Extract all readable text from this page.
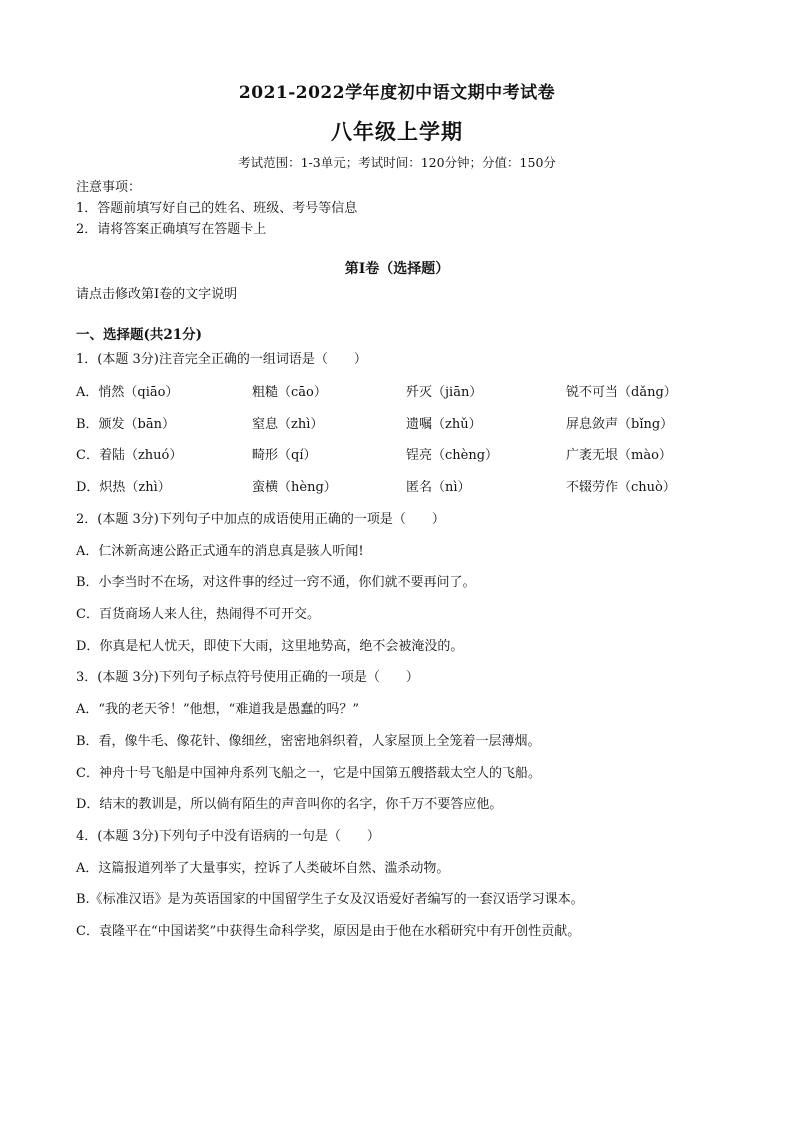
2021-2022学年度初中语文期中考试卷
八年级上学期
考试范围：1-3单元；考试时间：120分钟；分值：150分
注意事项：
1．答题前填写好自己的姓名、班级、考号等信息
2．请将答案正确填写在答题卡上
第I卷（选择题）
请点击修改第I卷的文字说明
一、选择题(共21分)
1．(本题 3分)注音完全正确的一组词语是（　　）
A．悄然（qiāo）	粗糙（cāo）	歼灭（jiān）	锐不可当（dǎng）
B．颁发（bān）	窒息（zhì）	遗嘱（zhǔ）	屏息敛声（bǐng）
C．着陆（zhuó）	畸形（qí）	锃亮（chèng）	广袤无垠（mào）
D．炽热（zhì）	蛮横（hèng）	匿名（nì）	不辍劳作（chuò）
2．(本题 3分)下列句子中加点的成语使用正确的一项是（　　）
A．仁沐新高速公路正式通车的消息真是骇人听闻!
B．小李当时不在场，对这件事的经过一窍不通，你们就不要再问了。
C．百货商场人来人往，热闹得不可开交。
D．你真是杞人忧天，即使下大雨，这里地势高，绝不会被淹没的。
3．(本题 3分)下列句子标点符号使用正确的一项是（　　）
A．“我的老天爷！”他想，“难道我是愚蠢的吗？”
B．看，像牛毛、像花针、像细丝，密密地斜织着，人家屋顶上全笼着一层薄烟。
C．神舟十号飞船是中国神舟系列飞船之一，它是中国第五艘搭载太空人的飞船。
D．结末的教训是，所以倘有陌生的声音叫你的名字，你千万不要答应他。
4．(本题 3分)下列句子中没有语病的一句是（　　）
A．这篇报道列举了大量事实，控诉了人类破坏自然、滥杀动物。
B.《标准汉语》是为英语国家的中国留学生子女及汉语爱好者编写的一套汉语学习课本。
C．袁隆平在“中国诺奖”中获得生命科学奖，原因是由于他在水稻研究中有开创性贡献。
